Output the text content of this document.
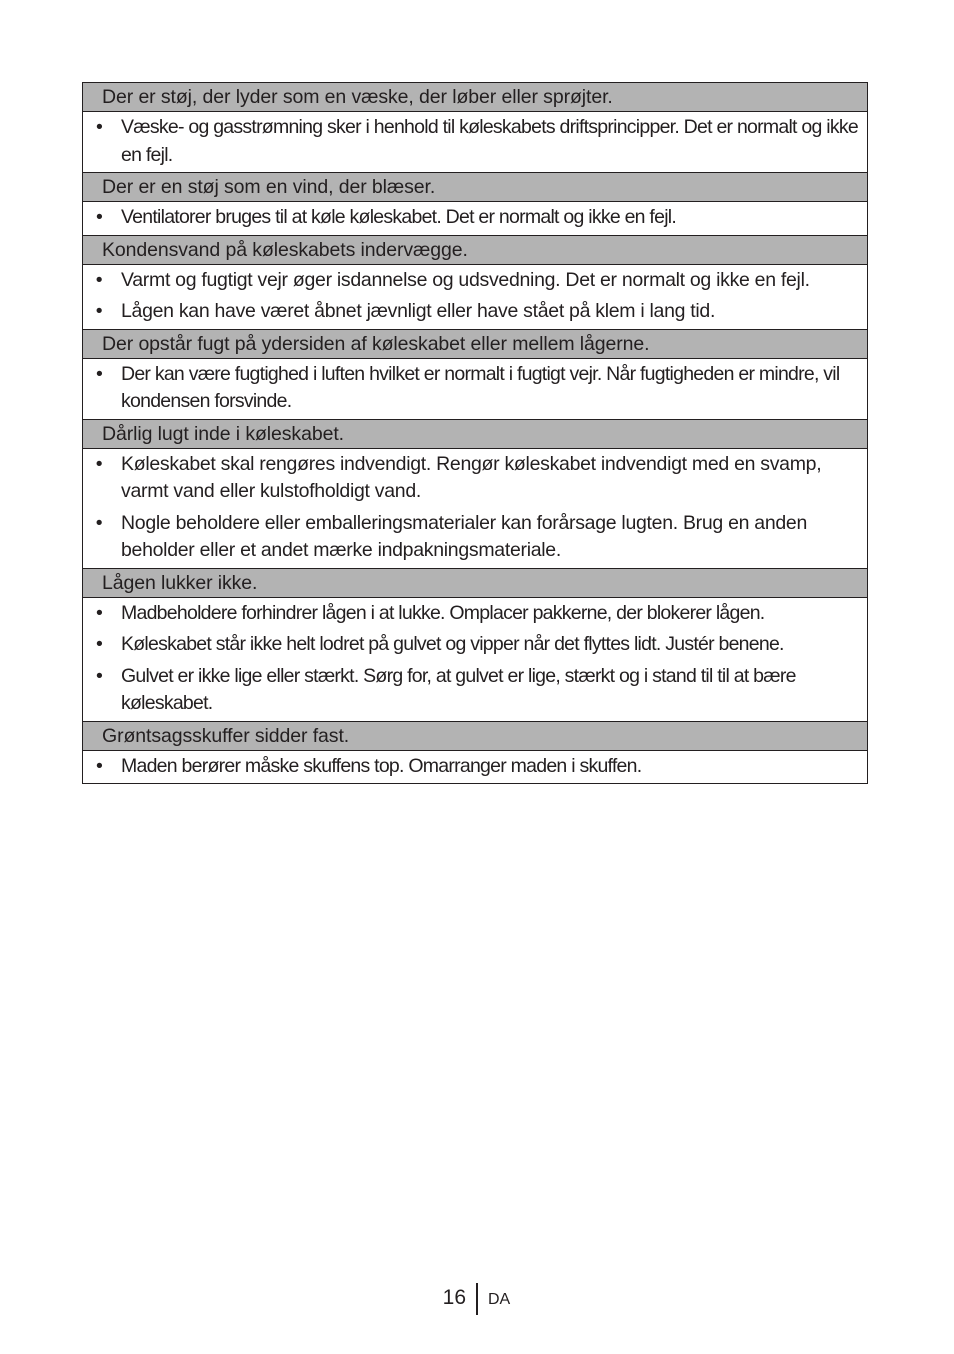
Der er støj, der lyder som en væske, der løber eller sprøjter.
• Væske- og gasstrømning sker i henhold til køleskabets driftsprincipper. Det er normalt og ikke en fejl.
Der er en støj som en vind, der blæser.
• Ventilatorer bruges til at køle køleskabet. Det er normalt og ikke en fejl.
Kondensvand på køleskabets indervægge.
• Varmt og fugtigt vejr øger isdannelse og udsvedning. Det er normalt og ikke en fejl.
• Lågen kan have været åbnet jævnligt eller have stået på klem i lang tid.
Der opstår fugt på ydersiden af køleskabet eller mellem lågerne.
• Der kan være fugtighed i luften hvilket er normalt i fugtigt vejr. Når fugtigheden er mindre, vil kondensen forsvinde.
Dårlig lugt inde i køleskabet.
• Køleskabet skal rengøres indvendigt. Rengør køleskabet indvendigt med en svamp, varmt vand eller kulstofholdigt vand.
• Nogle beholdere eller emballeringsmaterialer kan forårsage lugten. Brug en anden beholder eller et andet mærke indpakningsmateriale.
Lågen lukker ikke.
• Madbeholdere forhindrer lågen i at lukke. Omplacer pakkerne, der blokerer lågen.
• Køleskabet står ikke helt lodret på gulvet og vipper når det flyttes lidt. Justér benene.
• Gulvet er ikke lige eller stærkt. Sørg for, at gulvet er lige, stærkt og i stand til til at bære køleskabet.
Grøntsagsskuffer sidder fast.
• Maden berører måske skuffens top. Omarranger maden i skuffen.
16 DA
